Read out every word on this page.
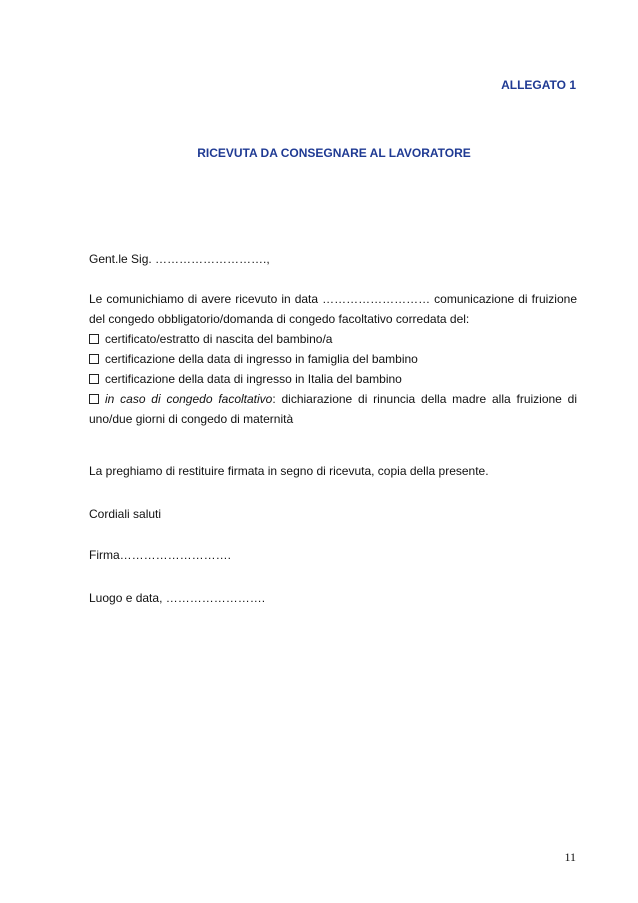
ALLEGATO 1
RICEVUTA DA CONSEGNARE AL LAVORATORE
Gent.le Sig. ……………………….,

Le comunichiamo di avere ricevuto in data ……………………… comunicazione di fruizione del congedo obbligatorio/domanda di congedo facoltativo corredata del:

certificato/estratto di nascita del bambino/a

certificazione della data di ingresso in famiglia del bambino

certificazione della data di ingresso in Italia del bambino

in caso di congedo facoltativo: dichiarazione di rinuncia della madre alla fruizione di uno/due giorni di congedo di maternità

La preghiamo di restituire firmata in segno di ricevuta, copia della presente.
Cordiali saluti
Firma……………………….
Luogo e data, …………………….
11
